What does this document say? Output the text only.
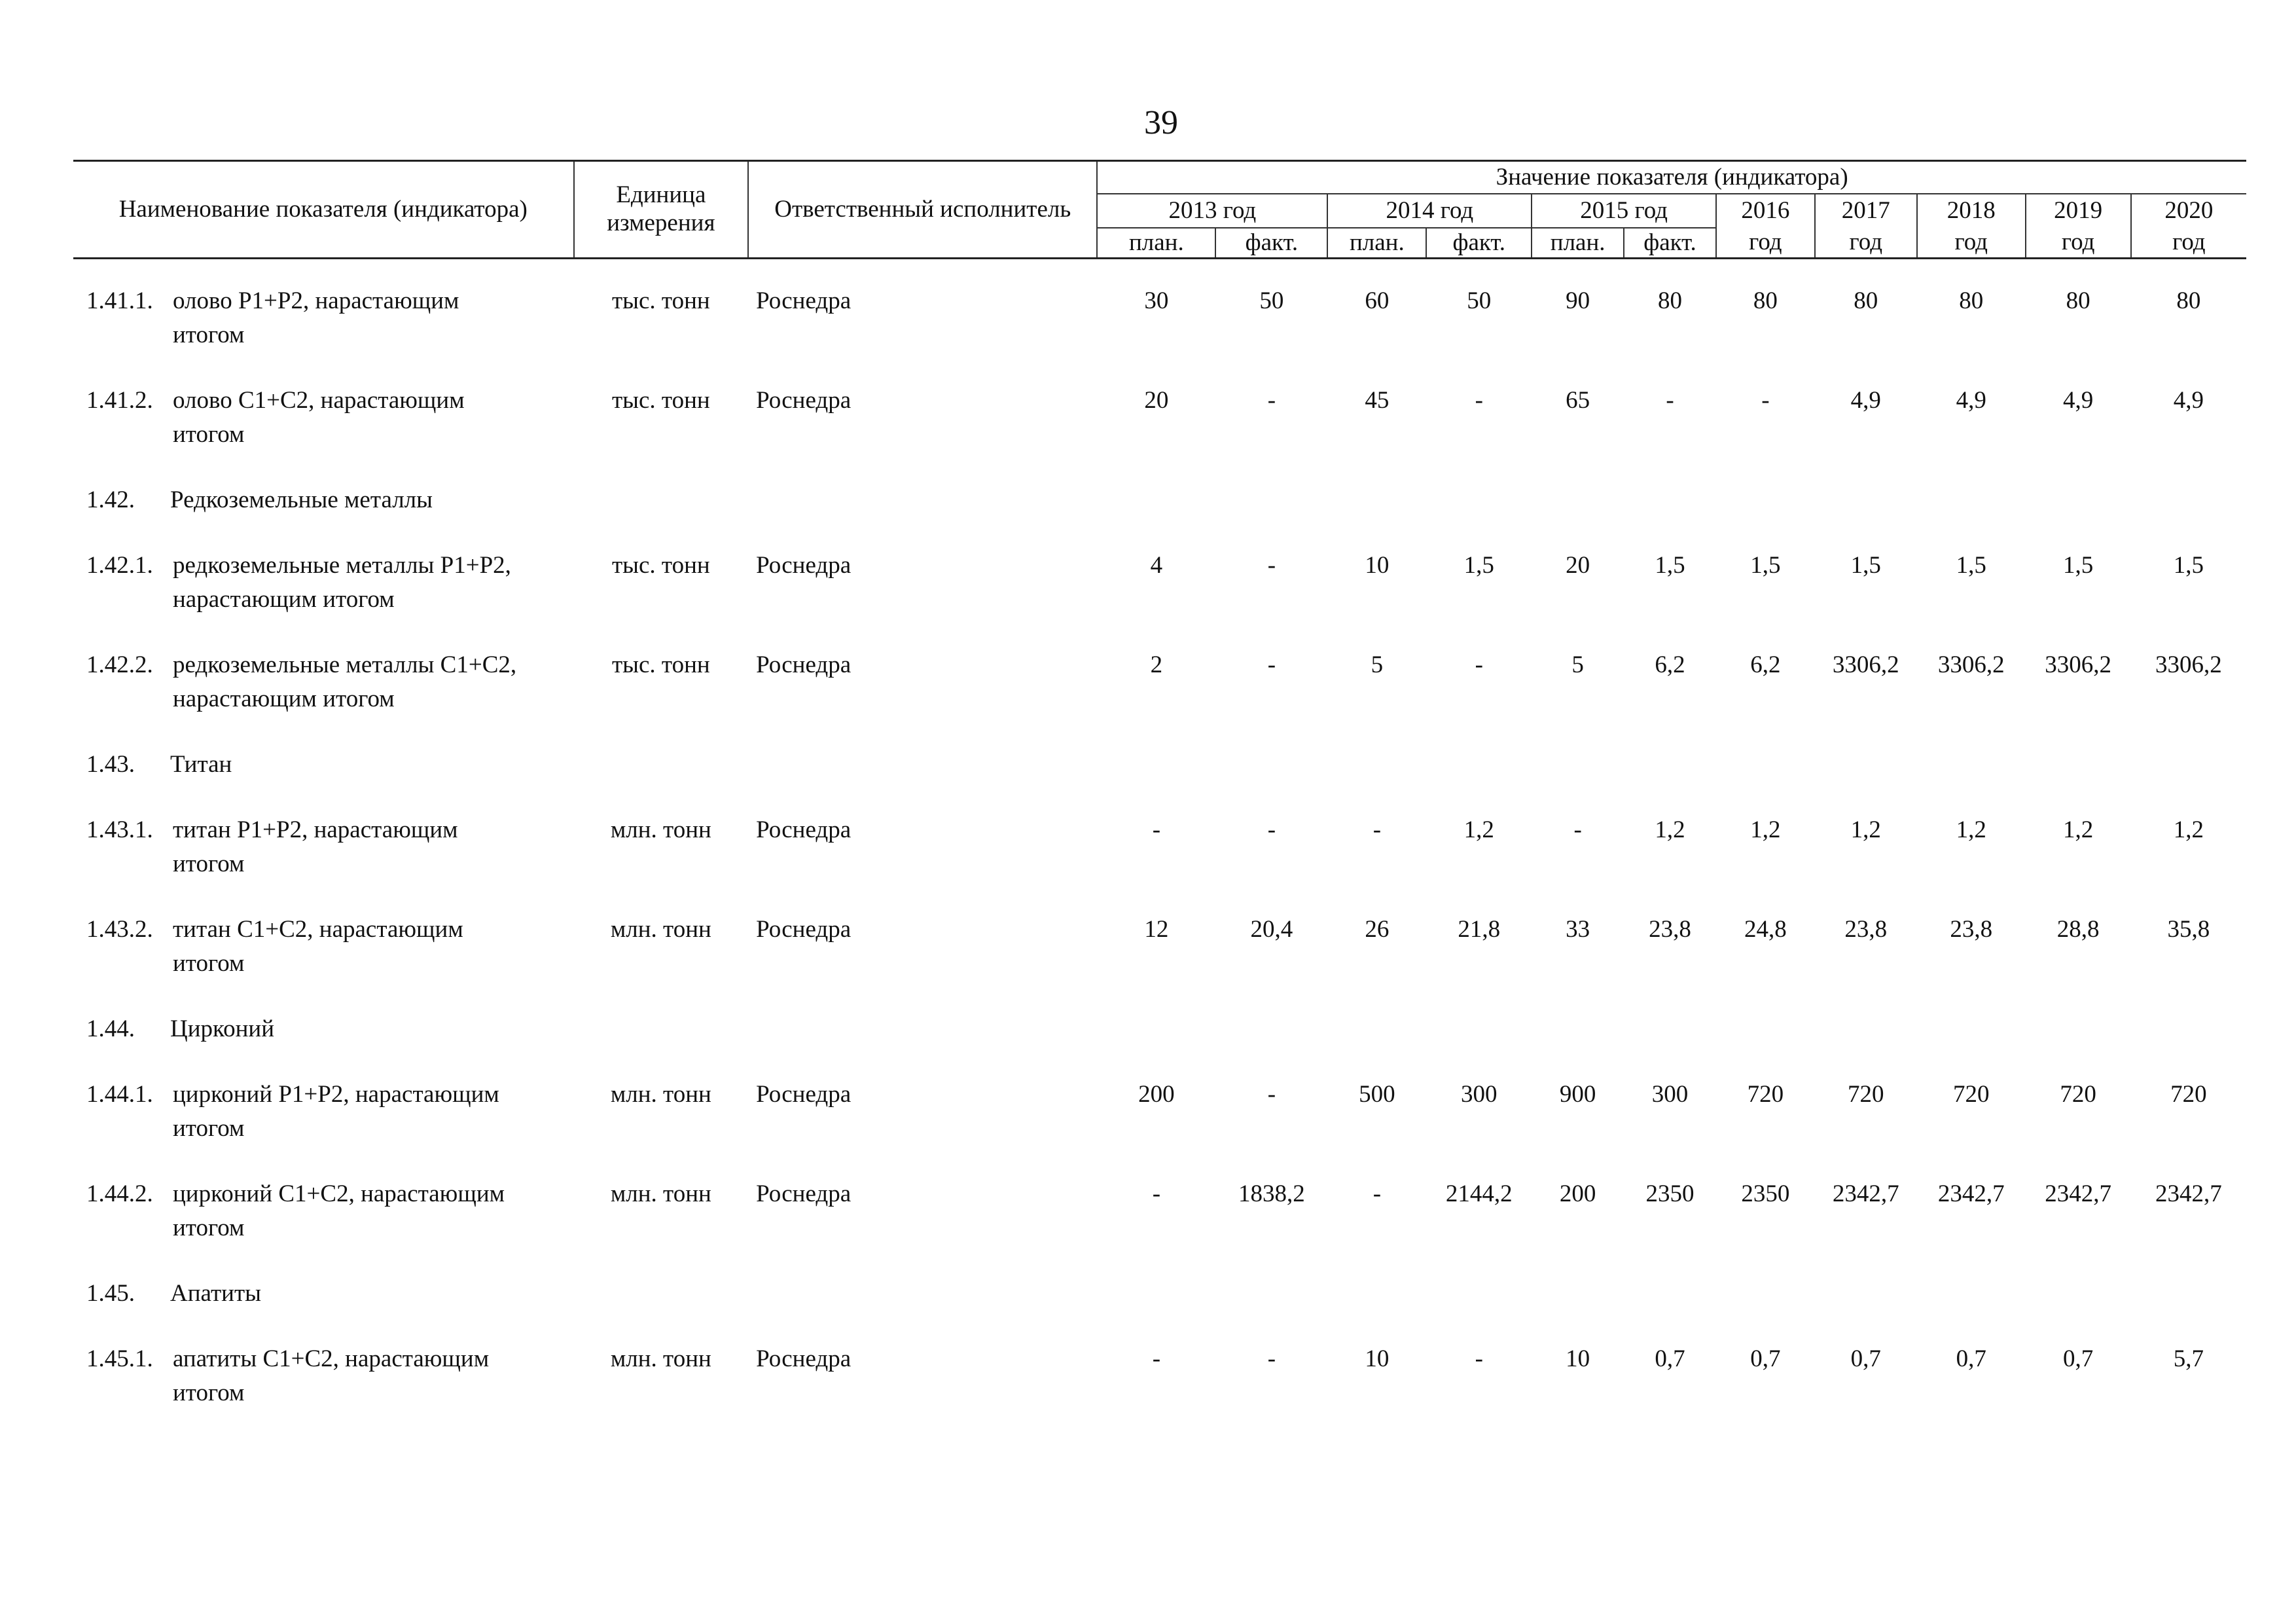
39
Наименование показателя (индикатора)	Единица измерения	Ответственный исполнитель	Значение показателя (индикатора)										
			2013 год		2014 год		2015 год		2016	2017	2018	2019	2020
			план.	факт.	план.	факт.	план.	факт.	год	год	год	год	год

1.41.1. олово P1+P2, нарастающим
итогом	тыс. тонн	Роснедра	30	50	60	50	90	80	80	80	80	80	80

1.41.2. олово C1+C2, нарастающим
итогом	тыс. тонн	Роснедра	20	-	45	-	65	-	-	4,9	4,9	4,9	4,9

1.42. Редкоземельные металлы													

1.42.1. редкоземельные металлы P1+P2,
нарастающим итогом	тыс. тонн	Роснедра	4	-	10	1,5	20	1,5	1,5	1,5	1,5	1,5	1,5

1.42.2. редкоземельные металлы C1+C2,
нарастающим итогом	тыс. тонн	Роснедра	2	-	5	-	5	6,2	6,2	3306,2	3306,2	3306,2	3306,2

1.43. Титан													

1.43.1. титан P1+P2, нарастающим
итогом	млн. тонн	Роснедра	-	-	-	1,2	-	1,2	1,2	1,2	1,2	1,2	1,2

1.43.2. титан C1+C2, нарастающим
итогом	млн. тонн	Роснедра	12	20,4	26	21,8	33	23,8	24,8	23,8	23,8	28,8	35,8

1.44. Цирконий													

1.44.1. цирконий P1+P2, нарастающим
итогом	млн. тонн	Роснедра	200	-	500	300	900	300	720	720	720	720	720

1.44.2. цирконий C1+C2, нарастающим
итогом	млн. тонн	Роснедра	-	1838,2	-	2144,2	200	2350	2350	2342,7	2342,7	2342,7	2342,7

1.45. Апатиты													

1.45.1. апатиты C1+C2, нарастающим
итогом	млн. тонн	Роснедра	-	-	10	-	10	0,7	0,7	0,7	0,7	0,7	5,7
